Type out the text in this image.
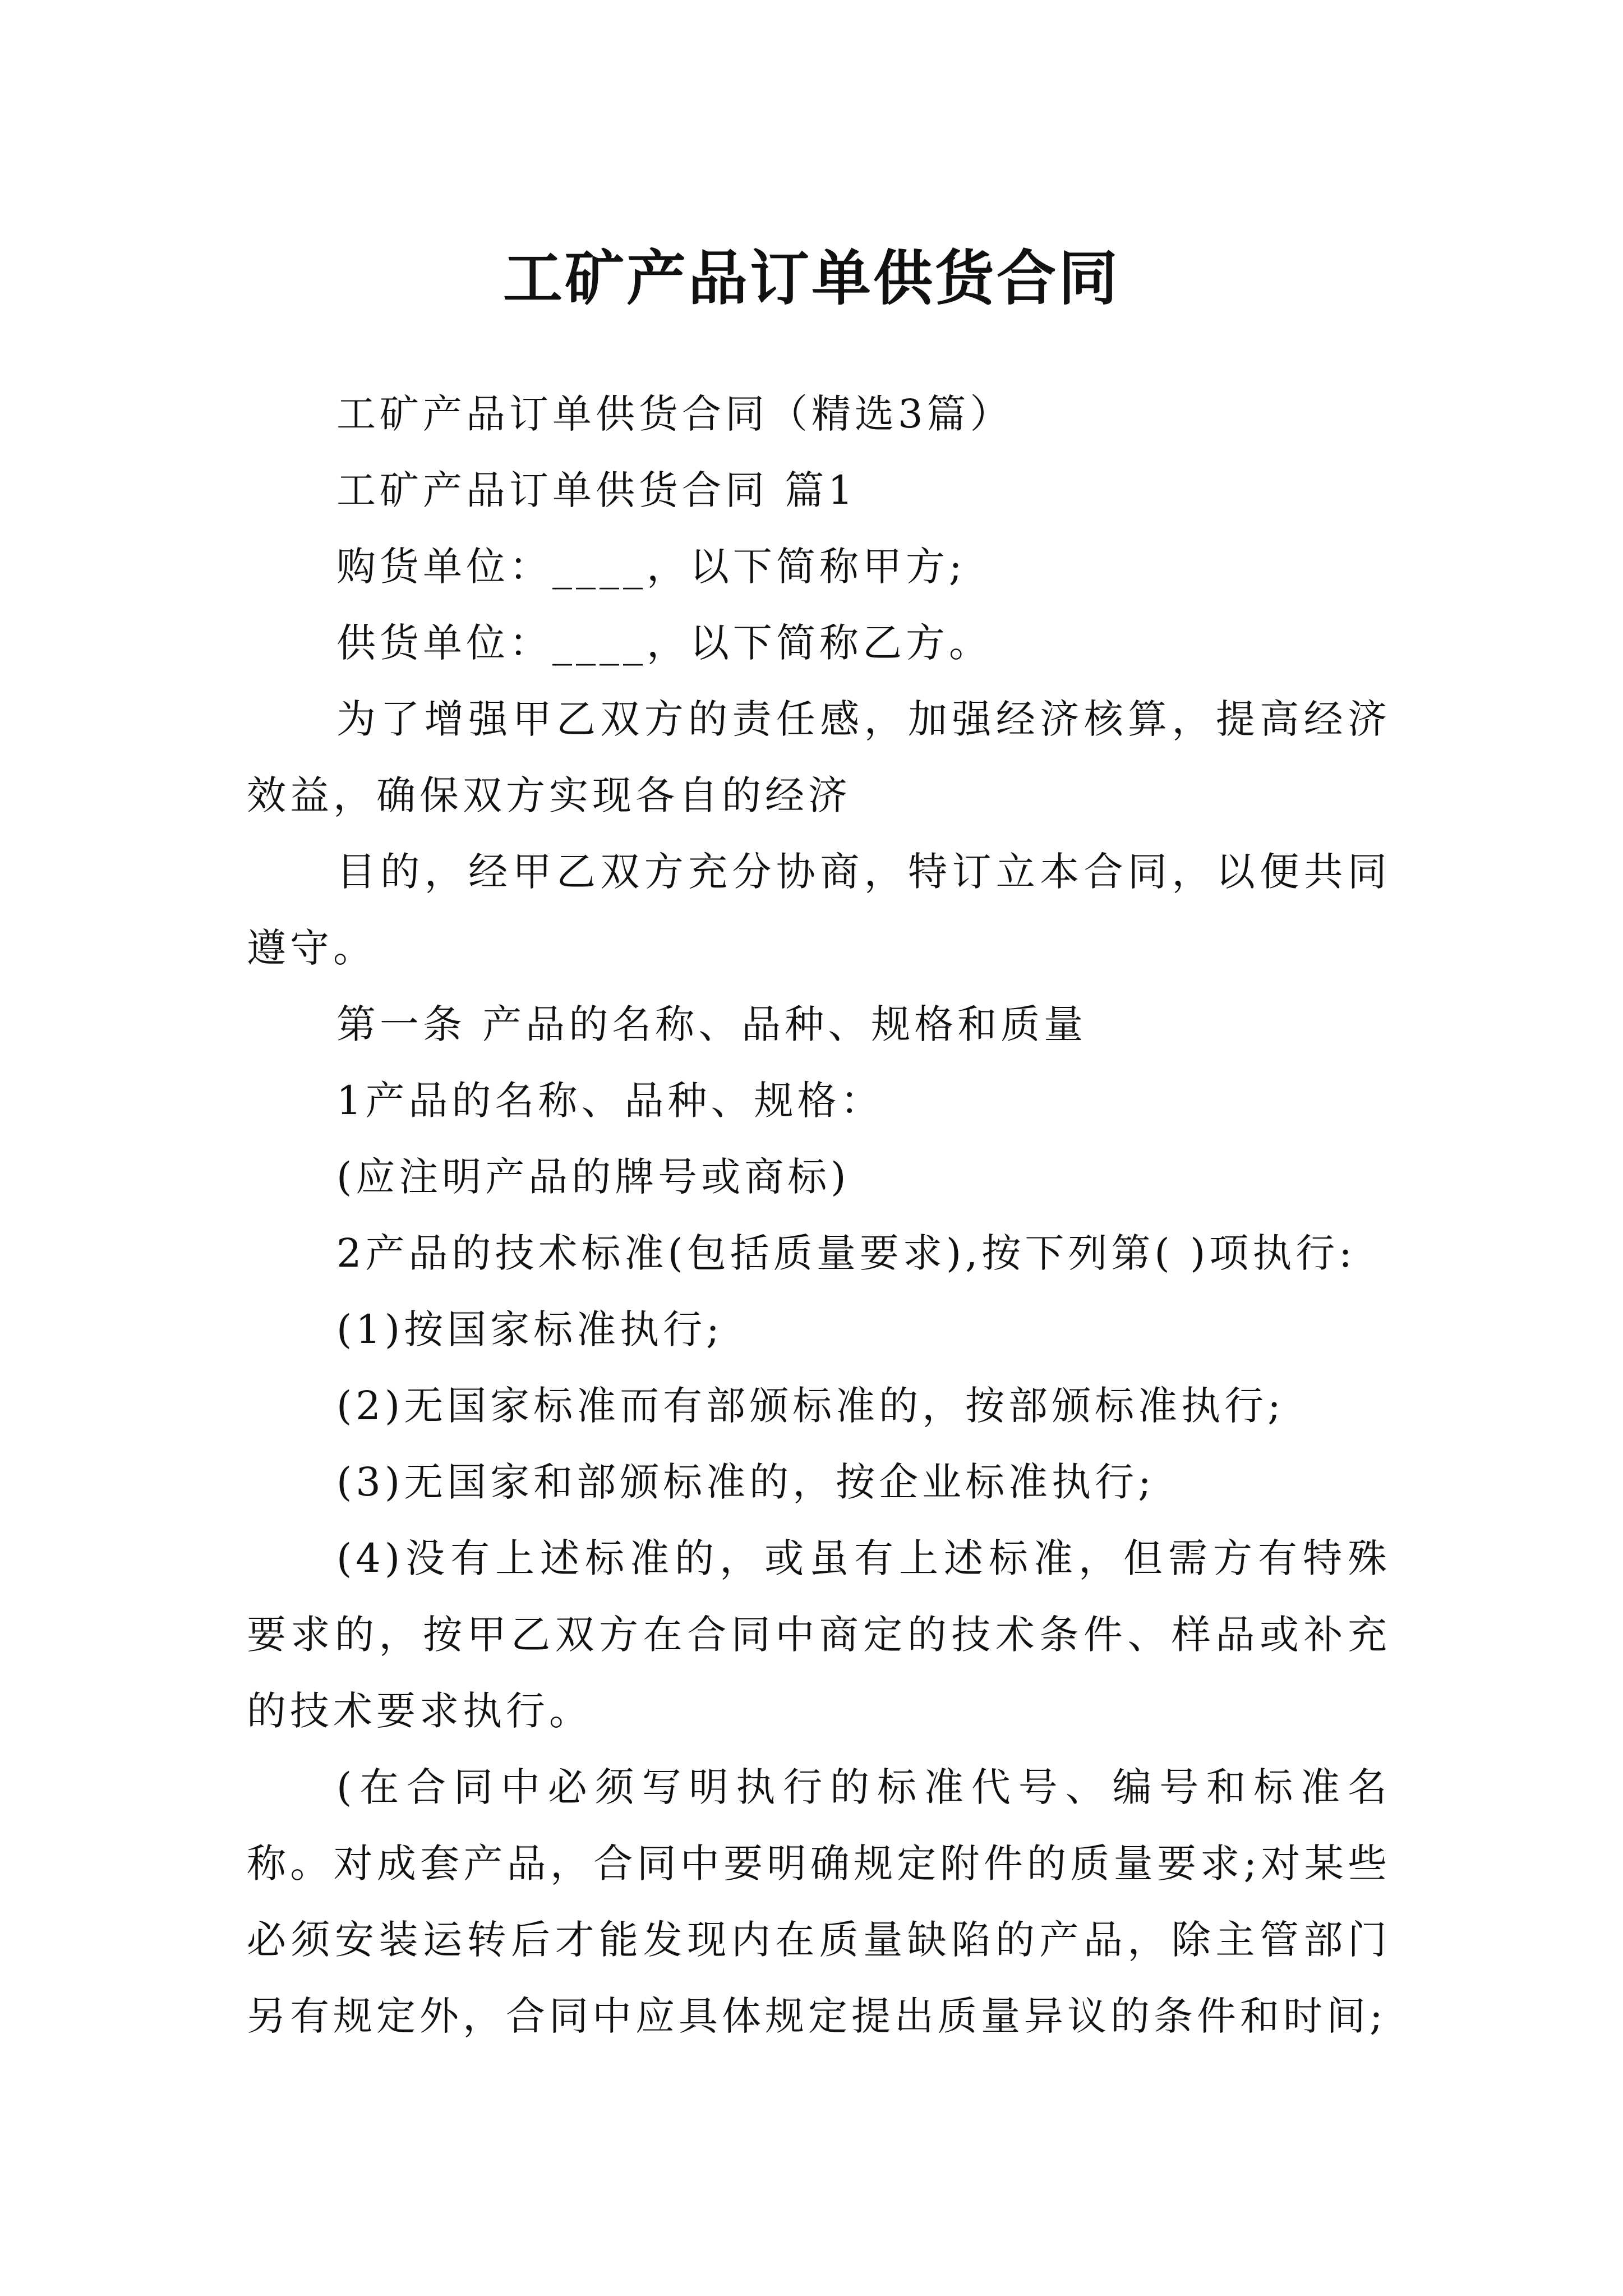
工矿产品订单供货合同

工矿产品订单供货合同（精选3篇）

工矿产品订单供货合同 篇1

购货单位：____，以下简称甲方;

供货单位：____，以下简称乙方。

为了增强甲乙双方的责任感，加强经济核算，提高经济效益，确保双方实现各自的经济

目的，经甲乙双方充分协商，特订立本合同，以便共同遵守。

第一条 产品的名称、品种、规格和质量

1产品的名称、品种、规格：

(应注明产品的牌号或商标)

2产品的技术标准(包括质量要求),按下列第( )项执行:

(1)按国家标准执行;

(2)无国家标准而有部颁标准的，按部颁标准执行;

(3)无国家和部颁标准的，按企业标准执行;

(4)没有上述标准的，或虽有上述标准，但需方有特殊要求的，按甲乙双方在合同中商定的技术条件、样品或补充的技术要求执行。

(在合同中必须写明执行的标准代号、编号和标准名称。对成套产品，合同中要明确规定附件的质量要求;对某些必须安装运转后才能发现内在质量缺陷的产品，除主管部门另有规定外，合同中应具体规定提出质量异议的条件和时间;
